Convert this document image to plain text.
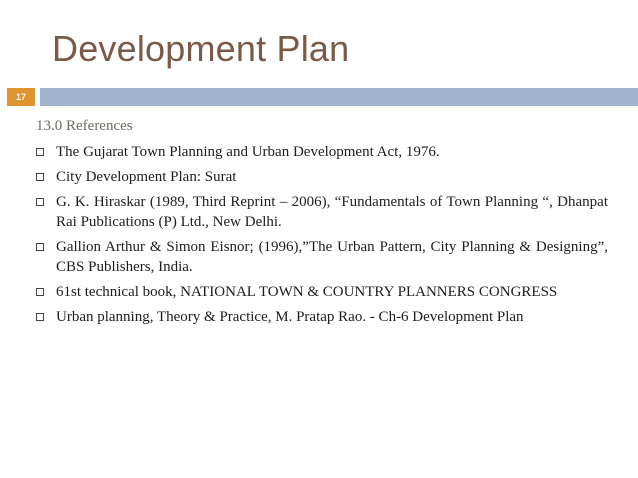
Development Plan
17
13.0 References
The Gujarat Town Planning and Urban Development Act, 1976.
City Development Plan: Surat
G. K. Hiraskar (1989, Third Reprint – 2006), “Fundamentals of Town Planning “, Dhanpat Rai Publications (P) Ltd., New Delhi.
Gallion Arthur & Simon Eisnor; (1996),”The Urban Pattern, City Planning & Designing”, CBS Publishers, India.
61st technical book, NATIONAL TOWN & COUNTRY PLANNERS CONGRESS
Urban planning, Theory & Practice, M. Pratap Rao. - Ch-6 Development Plan
